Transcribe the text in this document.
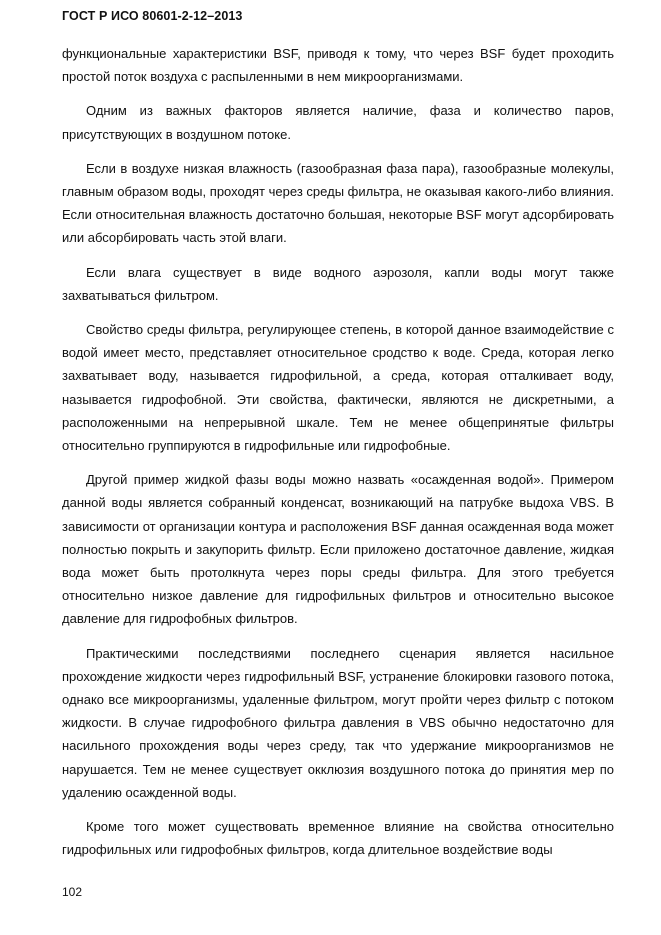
ГОСТ Р ИСО 80601-2-12–2013

функциональные характеристики BSF, приводя к тому, что через BSF будет проходить простой поток воздуха с распыленными в нем микроорганизмами.

Одним из важных факторов является наличие, фаза и количество паров, присутствующих в воздушном потоке.

Если в воздухе низкая влажность (газообразная фаза пара), газообразные молекулы, главным образом воды, проходят через среды фильтра, не оказывая какого-либо влияния. Если относительная влажность достаточно большая, некоторые BSF могут адсорбировать или абсорбировать часть этой влаги.

Если влага существует в виде водного аэрозоля, капли воды могут также захватываться фильтром.

Свойство среды фильтра, регулирующее степень, в которой данное взаимодействие с водой имеет место, представляет относительное сродство к воде. Среда, которая легко захватывает воду, называется гидрофильной, а среда, которая отталкивает воду, называется гидрофобной. Эти свойства, фактически, являются не дискретными, а расположенными на непрерывной шкале. Тем не менее общепринятые фильтры относительно группируются в гидрофильные или гидрофобные.

Другой пример жидкой фазы воды можно назвать «осажденная водой». Примером данной воды является собранный конденсат, возникающий на патрубке выдоха VBS. В зависимости от организации контура и расположения BSF данная осажденная вода может полностью покрыть и закупорить фильтр. Если приложено достаточное давление, жидкая вода может быть протолкнута через поры среды фильтра. Для этого требуется относительно низкое давление для гидрофильных фильтров и относительно высокое давление для гидрофобных фильтров.

Практическими последствиями последнего сценария является насильное прохождение жидкости через гидрофильный BSF, устранение блокировки газового потока, однако все микроорганизмы, удаленные фильтром, могут пройти через фильтр с потоком жидкости. В случае гидрофобного фильтра давления в VBS обычно недостаточно для насильного прохождения воды через среду, так что удержание микроорганизмов не нарушается. Тем не менее существует окклюзия воздушного потока до принятия мер по удалению осажденной воды.

Кроме того может существовать временное влияние на свойства относительно гидрофильных или гидрофобных фильтров, когда длительное воздействие воды

102
